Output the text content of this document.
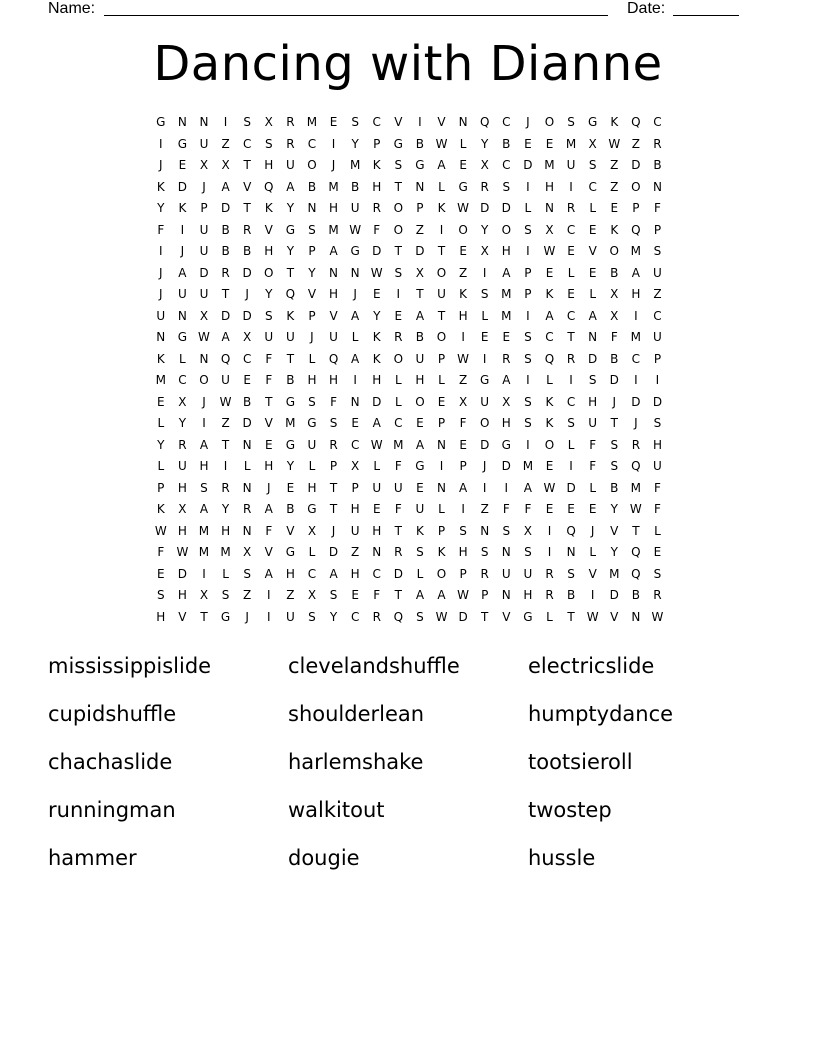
Name:	Date:
Dancing with Dianne
G	N	N	I	S	X	R	M	E	S	C	V	I	V	N	Q	C	J	O	S	G	K	Q	C
I	G	U	Z	C	S	R	C	I	Y	P	G	B W	L	Y	B	E	E	M	X W Z	R
J	E	X	X	T	H	U	O	J	M	K	S	G	A	E	X	C	D M	U	S	Z	D	B
K	D	J	A	V	Q	A	B	M	B	H	T	N	L	G	R	S	I	H	I	C	Z	O	N
Y	K	P	D	T	K	Y	N	H	U	R	O	P	K W D	D	L	N	R	L	E	P	F
F	I	U	B	R	V	G	S	M W	F	O	Z	I	O	Y	O	S	X	C	E	K	Q	P
I	J	U	B	B	H	Y	P	A	G	D	T	D	T	E	X	H	I	W E	V	O M	S
J	A	D	R	D	O	T	Y	N	N W S	X	O	Z	I	A	P	E	L	E	B	A	U
J	U	U	T	J	Y	Q	V	H	J	E	I	T	U	K	S	M	P	K	E	L	X	H	Z
U	N	X	D	D	S	K	P	V	A	Y	E	A	T	H	L	M	I	A	C	A	X	I	C
N	G W A	X	U	U	J	U	L	K	R	B	O	I	E	E	S	C	T	N	F	M	U
K	L	N	Q	C	F	T	L	Q	A	K	O	U	P	W	I	R	S	Q	R	D	B	C	P
M	C	O	U	E	F	B	H	H	I	H	L	H	L	Z	G	A	I	L	I	S	D	I	I
E	X	J	W B	T	G	S	F	N	D	L	O	E	X	U	X	S	K	C	H	J	D	D
L	Y	I	Z	D	V	M G	S	E	A	C	E	P	F	O	H	S	K	S	U	T	J	S
Y	R	A	T	N	E	G	U	R	C W M	A	N	E	D	G	I	O	L	F	S	R	H
L	U	H	I	L	H	Y	L	P	X	L	F	G	I	P	J	D M	E	I	F	S	Q	U
P	H	S	R	N	J	E	H	T	P	U	U	E	N	A	I	I	A W D	L	B	M	F
K	X	A	Y	R	A	B	G	T	H	E	F	U	L	I	Z	F	F	E	E	E	Y W	F
W H M H	N	F	V	X	J	U	H	T	K	P	S	N	S	X	I	Q	J	V	T	L
F	W M M	X	V	G	L	D	Z	N	R	S	K	H	S	N	S	I	N	L	Y	Q	E
E	D	I	L	S	A	H	C	A	H	C	D	L	O	P	R	U	U	R	S	V	M Q	S
S	H	X	S	Z	I	Z	X	S	E	F	T	A	A W	P	N	H	R	B	I	D	B	R
H	V	T	G	J	I	U	S	Y	C	R	Q	S W D	T	V	G	L	T W V	N W
mississippislide	clevelandshuffle	electricslide
cupidshuffle	shoulderlean	humptydance
chachaslide	harlemshake	tootsieroll
runningman	walkitout	twostep
hammer	dougie	hussle
